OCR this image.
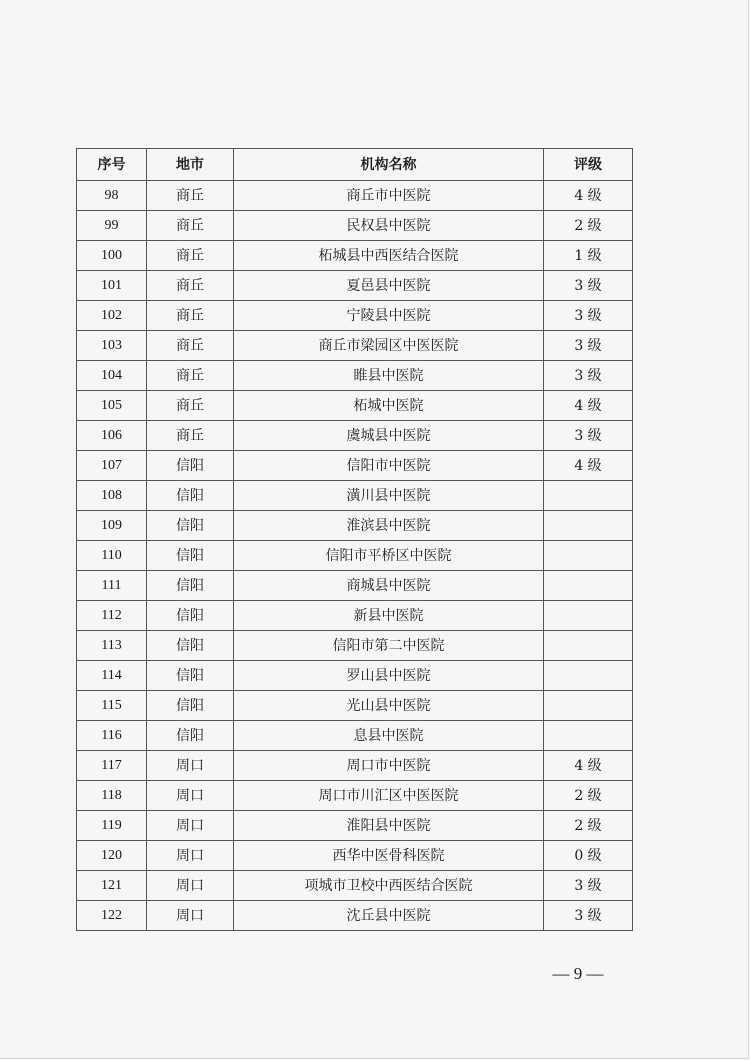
序号	地市	机构名称	评级
98	商丘	商丘市中医院	4 级
99	商丘	民权县中医院	2 级
100	商丘	柘城县中西医结合医院	1 级
101	商丘	夏邑县中医院	3 级
102	商丘	宁陵县中医院	3 级
103	商丘	商丘市梁园区中医医院	3 级
104	商丘	睢县中医院	3 级
105	商丘	柘城中医院	4 级
106	商丘	虞城县中医院	3 级
107	信阳	信阳市中医院	4 级
108	信阳	潢川县中医院	
109	信阳	淮滨县中医院	
110	信阳	信阳市平桥区中医院	
111	信阳	商城县中医院	
112	信阳	新县中医院	
113	信阳	信阳市第二中医院	
114	信阳	罗山县中医院	
115	信阳	光山县中医院	
116	信阳	息县中医院	
117	周口	周口市中医院	4 级
118	周口	周口市川汇区中医医院	2 级
119	周口	淮阳县中医院	2 级
120	周口	西华中医骨科医院	0 级
121	周口	项城市卫校中西医结合医院	3 级
122	周口	沈丘县中医院	3 级
— 9 —
